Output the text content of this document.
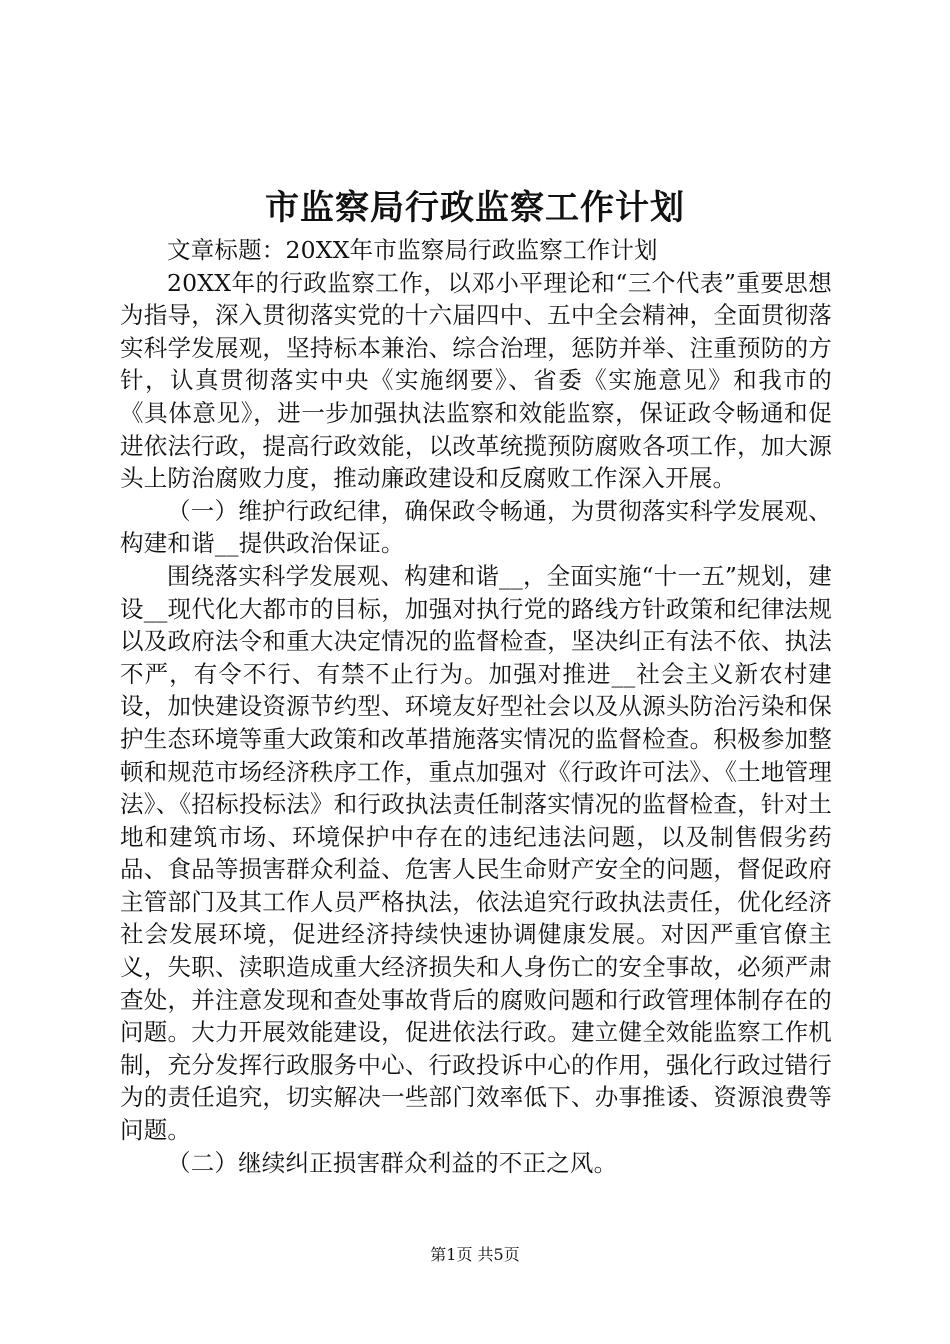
市监察局行政监察工作计划

文章标题：20XX年市监察局行政监察工作计划

20XX年的行政监察工作，以邓小平理论和“三个代表”重要思想为指导，深入贯彻落实党的十六届四中、五中全会精神，全面贯彻落实科学发展观，坚持标本兼治、综合治理，惩防并举、注重预防的方针，认真贯彻落实中央《实施纲要》、省委《实施意见》和我市的《具体意见》，进一步加强执法监察和效能监察，保证政令畅通和促进依法行政，提高行政效能，以改革统揽预防腐败各项工作，加大源头上防治腐败力度，推动廉政建设和反腐败工作深入开展。

（一）维护行政纪律，确保政令畅通，为贯彻落实科学发展观、构建和谐__提供政治保证。

围绕落实科学发展观、构建和谐__，全面实施“十一五”规划，建设__现代化大都市的目标，加强对执行党的路线方针政策和纪律法规以及政府法令和重大决定情况的监督检查，坚决纠正有法不依、执法不严，有令不行、有禁不止行为。加强对推进__社会主义新农村建设，加快建设资源节约型、环境友好型社会以及从源头防治污染和保护生态环境等重大政策和改革措施落实情况的监督检查。积极参加整顿和规范市场经济秩序工作，重点加强对《行政许可法》、《土地管理法》、《招标投标法》和行政执法责任制落实情况的监督检查，针对土地和建筑市场、环境保护中存在的违纪违法问题，以及制售假劣药品、食品等损害群众利益、危害人民生命财产安全的问题，督促政府主管部门及其工作人员严格执法，依法追究行政执法责任，优化经济社会发展环境，促进经济持续快速协调健康发展。对因严重官僚主义，失职、渎职造成重大经济损失和人身伤亡的安全事故，必须严肃查处，并注意发现和查处事故背后的腐败问题和行政管理体制存在的问题。大力开展效能建设，促进依法行政。建立健全效能监察工作机制，充分发挥行政服务中心、行政投诉中心的作用，强化行政过错行为的责任追究，切实解决一些部门效率低下、办事推诿、资源浪费等问题。

（二）继续纠正损害群众利益的不正之风。

第1页 共5页
